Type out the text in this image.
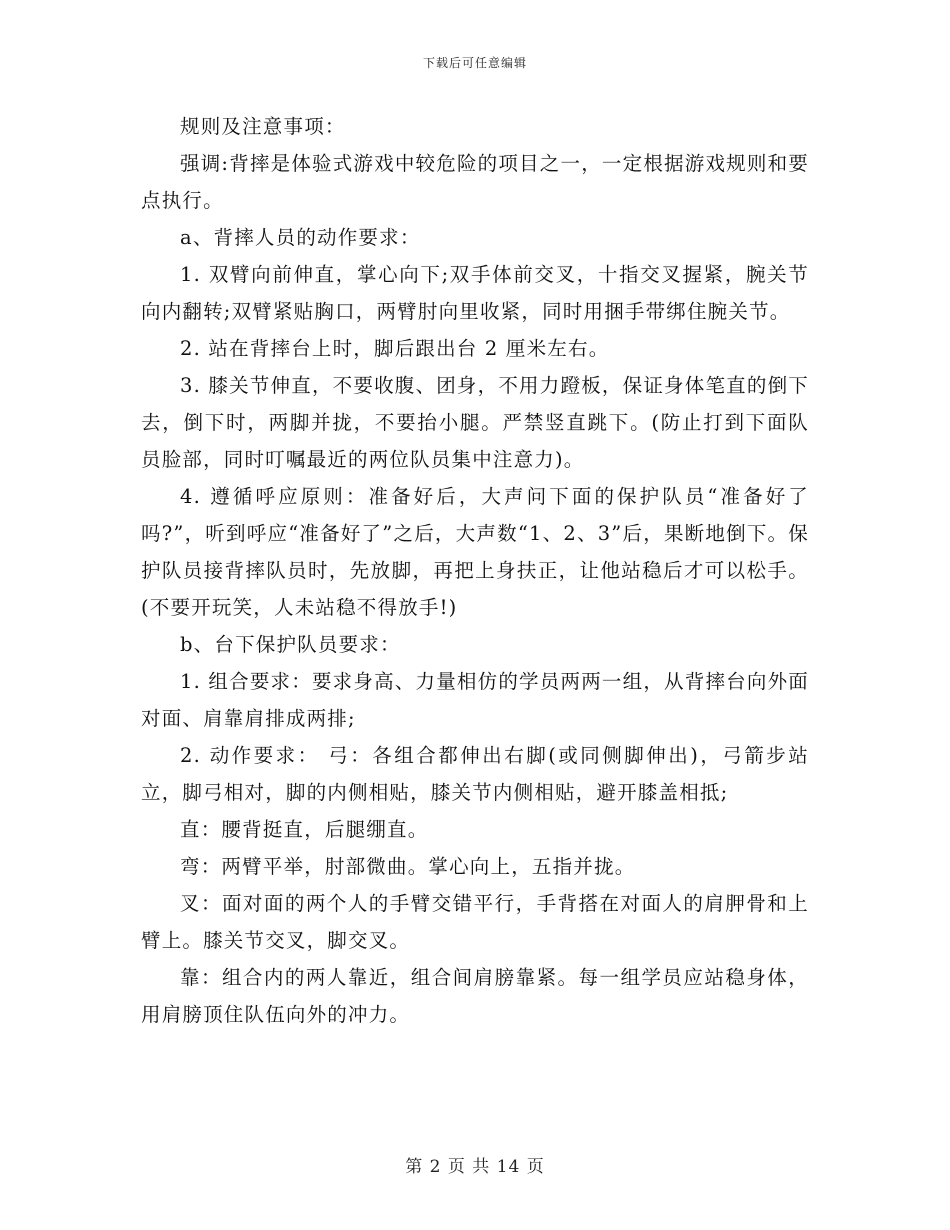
下载后可任意编辑

规则及注意事项：

强调:背摔是体验式游戏中较危险的项目之一，一定根据游戏规则和要点执行。

a、背摔人员的动作要求：

1. 双臂向前伸直，掌心向下;双手体前交叉，十指交叉握紧，腕关节向内翻转;双臂紧贴胸口，两臂肘向里收紧，同时用捆手带绑住腕关节。

2. 站在背摔台上时，脚后跟出台 2 厘米左右。

3. 膝关节伸直，不要收腹、团身，不用力蹬板，保证身体笔直的倒下去，倒下时，两脚并拢，不要抬小腿。严禁竖直跳下。(防止打到下面队员脸部，同时叮嘱最近的两位队员集中注意力)。

4. 遵循呼应原则：准备好后，大声问下面的保护队员“准备好了吗?”，听到呼应“准备好了”之后，大声数“1、2、3”后，果断地倒下。保护队员接背摔队员时，先放脚，再把上身扶正，让他站稳后才可以松手。(不要开玩笑，人未站稳不得放手!)

b、台下保护队员要求：

1. 组合要求：要求身高、力量相仿的学员两两一组，从背摔台向外面对面、肩靠肩排成两排;

2. 动作要求： 弓：各组合都伸出右脚(或同侧脚伸出)，弓箭步站立，脚弓相对，脚的内侧相贴，膝关节内侧相贴，避开膝盖相抵;

直：腰背挺直，后腿绷直。

弯：两臂平举，肘部微曲。掌心向上，五指并拢。

叉：面对面的两个人的手臂交错平行，手背搭在对面人的肩胛骨和上臂上。膝关节交叉，脚交叉。

靠：组合内的两人靠近，组合间肩膀靠紧。每一组学员应站稳身体，用肩膀顶住队伍向外的冲力。

第 2 页 共 14 页
